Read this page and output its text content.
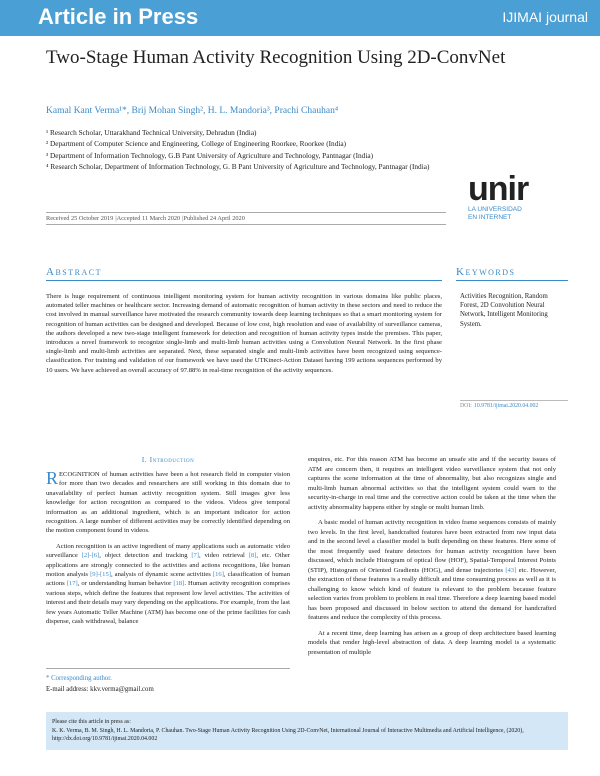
Article in Press	IJIMAI journal
Two-Stage Human Activity Recognition Using 2D-ConvNet
Kamal Kant Verma¹*, Brij Mohan Singh², H. L. Mandoria³, Prachi Chauhan⁴
¹ Research Scholar, Uttarakhand Technical University, Dehradun (India)
² Department of Computer Science and Engineering, College of Engineering Roorkee, Roorkee (India)
³ Department of Information Technology, G.B Pant University of Agriculture and Technology, Pantnagar (India)
⁴ Research Scholar, Department of Information Technology, G. B Pant University of Agriculture and Technology, Pantnagar (India)
Received 25 October 2019 |Accepted 11 March 2020 |Published 24 April 2020
unir
LA UNIVERSIDAD
EN INTERNET
Abstract	Keywords
There is huge requirement of continuous intelligent monitoring system for human activity recognition in various domains like public places, automated teller machines or healthcare sector. Increasing demand of automatic recognition of human activity in these sectors and need to reduce the cost involved in manual surveillance have motivated the research community towards deep learning techniques so that a smart monitoring system for recognition of human activities can be designed and developed. Because of low cost, high resolution and ease of availability of surveillance cameras, the authors developed a new two-stage intelligent framework for detection and recognition of human activity types inside the premises. This paper, introduces a novel framework to recognize single-limb and multi-limb human activities using a Convolution Neural Network. In the first phase single-limb and multi-limb activities are separated. Next, these separated single and multi-limb activities have been recognized using sequence-classification. For training and validation of our framework we have used the UTKinect-Action Dataset having 199 actions sequences performed by 10 users. We have achieved an overall accuracy of 97.88% in real-time recognition of the activity sequences.
Activities Recognition, Random Forest, 2D Convolution Neural Network, Intelligent Monitoring System.
DOI: 10.9781/ijimai.2020.04.002
I. Introduction

RECOGNITION of human activities have been a hot research field in computer vision for more than two decades and researchers are still working in this domain due to unavailability of perfect human activity recognition system. Still images give less knowledge for action recognition as compared to the videos. Videos give temporal information as an additional ingredient, which is an important indicator for action recognition. A large number of different activities may be correctly identified depending on the motion component found in videos.

Action recognition is an active ingredient of many applications such as automatic video surveillance [2]-[6], object detection and tracking [7], video retrieval [8], etc. Other applications are strongly connected to the activities and actions recognitions, like human motion analysis [9]-[15], analysis of dynamic scene activities [16], classification of human actions [17], or understanding human behavior [18]. Human activity recognition comprises various steps, which define the features that represent low level activities. The activities of interest and their details may vary depending on the applications. For example, from the last few years Automatic Teller Machine (ATM) has become one of the prime facilities for cash dispense, cash withdrawal, balance

enquires, etc. For this reason ATM has become an unsafe site and if the security issues of ATM are concern then, it requires an intelligent video surveillance system that not only captures the scene information at the time of abnormality, but also recognizes single and multi-limb human abnormal activities so that the intelligent system could warn to the security-in-charge in real time and the corrective action could be taken at the time when the activity abnormality happens either by single or multi human limb.

A basic model of human activity recognition in video frame sequences consists of mainly two levels. In the first level, handcrafted features have been extracted from raw input data and in the second level a classifier model is built depending on these features. Here some of the most frequently used feature detectors for human activity recognition have been discussed, which include Histogram of optical flow (HOF), Spatial-Temporal Interest Points (STIP), Histogram of Oriented Gradients (HOG), and dense trajectories [43] etc. However, the extraction of these features is a really difficult and time consuming process as well as it is challenging to know which kind of feature is relevant to the problem because feature selection varies from problem to problem in real time. Therefore a deep learning based model has been proposed and discussed in below section to attend the demand for handcrafted features and reduce the complexity of this process.

At a recent time, deep learning has arisen as a group of deep architecture based learning models that render high-level abstraction of data. A deep learning model is a systematic presentation of multiple

* Corresponding author.
E-mail address: kkv.verma@gmail.com
Please cite this article in press as:
K. K. Verma, B. M. Singh, H. L. Mandoria, P. Chauhan. Two-Stage Human Activity Recognition Using 2D-ConvNet, International Journal of Interactive Multimedia and Artificial Intelligence, (2020), http://dx.doi.org/10.9781/ijimai.2020.04.002
